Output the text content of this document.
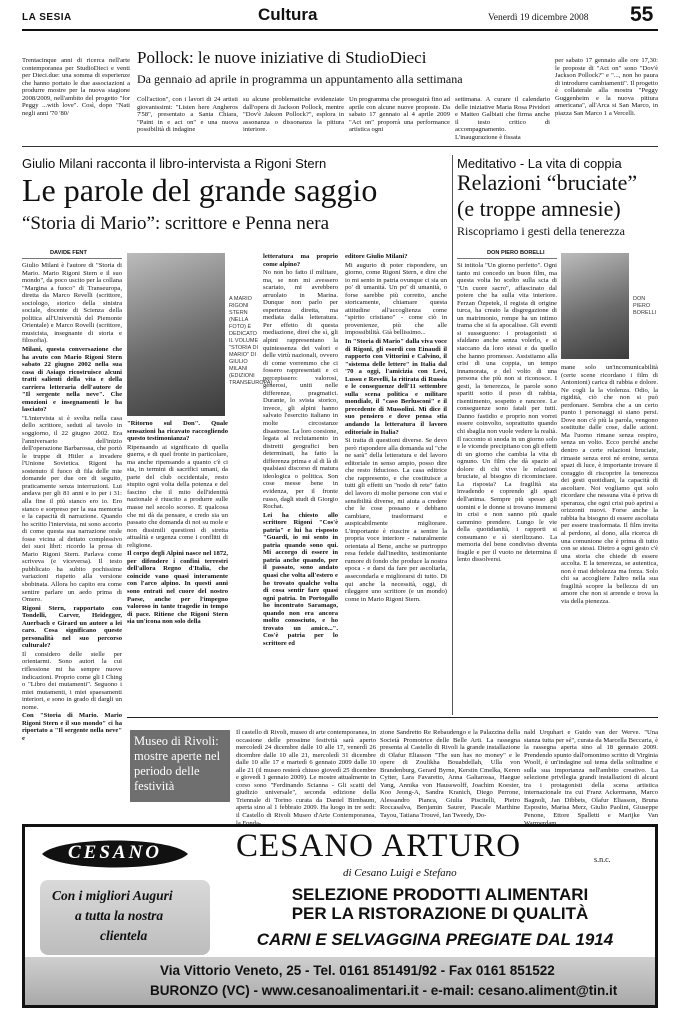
LA SESIA	Cultura	Venerdì 19 dicembre 2008 55
Pollock: le nuove iniziative di StudioDieci
Da gennaio ad aprile in programma un appuntamento alla settimana

Trentacinque anni di ricerca nell'arte contemporanea per StudioDieci e venti per Dieci.due: una somma di esperienze che hanno portato le due associazioni a produrre mostre per la nuova stagione 2008/2009, nell'ambito del progetto "for Peggy ...with love". Così, dopo "Nati negli anni '70 '80/

Coll'action", con i lavori di 24 artisti giovanissimi: "Listen here Angheros 7'58", presentato a Santa Chiara, "Paint in e act on" e una nuova possibilità di indagine

su alcune problematiche evidenziate dall'opera di Jackson Pollock, mentre "Dov'è Jakson Pollock?", esplora in assonanza o dissonanza la pittura interiore.

Un programma che proseguirà fino ad aprile con alcune nuove proposte. Da sabato 17 gennaio al 4 aprile 2009 "Act on" proporrà una performance artistica ogni

settimana. A curare il calendario delle iniziative Maria Rosa Pividori e Matteo Galbiati che firma anche il testo critico di accompagnamento. L'inaugurazione è fissata

per sabato 17 gennaio alle ore 17,30: le proposte di "Act on" sono "Dov'è Jackson Pollock?" e "..., non ho paura di introdurre cambiamenti". Il progetto è collaterale alla mostra "Peggy Guggenheim e la nuova pittura americana", all'Arca si San Marco, in piazza San Marco 1 a Vercelli.

Giulio Milani racconta il libro-intervista a Rigoni Stern
Le parole del grande saggio
“Storia di Mario”: scrittore e Penna nera
DAVIDE FENT

Giulio Milani è l'autore di "Storia di Mario. Mario Rigoni Stern e il suo mondo", da poco uscito per la collana "Margina a fuoco" di Transeuropa, diretta da Marco Revelli (scrittore, sociologo, storico della sinistra sociale, docente di Scienza della politica all'Università del Piemonte Orientale) e Marco Rovelli (scrittore, musicista, insegnante di storia e filosofia).

Milani, questa conversazione che ha avuto con Mario Rigoni Stern sabato 22 giugno 2002 nella sua casa di Asiago ricostruisce alcuni tratti salienti della vita e della carriera letteraria dell'autore de "Il sergente nella neve". Che emozioni e insegnamenti le ha lasciato?

"L'intervista si è svolta nella casa dello scrittore, seduti al tavolo in soggiorno, il 22 giugno 2002. Era l'anniversario dell'inizio dell'operazione Barbarossa, che portò le truppe di Hitler a invadere l'Unione Sovietica. Rigoni ha sostenuto il fuoco di fila delle mie domande per due ore di seguito, praticamente senza interruzioni. Lui andava per gli 81 anni e io per i 31: alla fine il più stanco ero io. Ero stanco e sorpreso per la sua memoria e la capacità di narrazione. Quando ho scritto l'intervista, mi sono accorto di come questa sua narrazione orale fosse vicina al dettato complessivo dei suoi libri: ricordo la prosa di Mario Rigoni Stern. Parlava come scriveva (e viceversa). Il testo pubblicato ha subito pochissime variazioni rispetto alla versione sbobinata. Allora ho capito era come sentire parlare un aedo prima di Omero.

Rigoni Stern, rapportato con Tondelli, Carver, Heidegger, Auerbach e Girard un autore a lei caro. Cosa significano queste personalità nel suo percorso culturale?

Il considero delle stelle per orientarmi. Sono autori la cui riflessione mi ha sempre nuove indicazioni. Proprio come gli I Ching o "Libro dei mutamenti". Seguono i miei mutamenti, i miei spaesamenti interiori, e sono in grado di dargli un nome.

Con "Storia di Mario. Mario Rigoni Stern e il suo mondo" ci ha riportato a "Il sergente nella neve" e

A MARIO RIGONI STERN (NELLA FOTO) È DEDICATO IL VOLUME "STORIA DI MARIO" DI GIULIO MILANI (EDIZIONI TRANSEUROPA)

"Ritorno sul Don". Quale sensazioni ha ricavato raccogliendo questo testimonianza?

Ripensando ai significato di quella guerra, e di quel fronte in particolare, ma anche ripensando a quanto c'è ci sta, in termini di sacrifici umani, da parte del club occidentale, resto stupito ogni volta della potenza e del fascino che il mito dell'identità nazionale è riuscito a produrre sulle masse nel secolo scorso. E qualcosa che mi dà da pensare, e credo sia un passato che domanda di noi su mole e non dissimili questioni di stretta attualità e urgenza come i conflitti di religione.

Il corpo degli Alpini nasce nel 1872, per difendere i confini terrestri dell'allora Regno d'Italia, che coincide vano quasi interamente con l'arco alpino. In questi anni sono entrati nel cuore del nostro Paese, anche per l'impegno valoroso in tante tragedie in tempo di pace. Ritiene che Rigoni Stern sia un'icona non solo della

letteratura ma proprio come alpino?

No non ho fatto il militare, ma, se non mi avessero scartato, mi avrebbero arruolato in Marina. Dunque non parlo per esperienza diretta, ma mediata dalla letteratura. Per effetto di questa mediazione, direi che sì, gli alpini rappresentano la quintessenza dei valori e delle virtù nazionali, ovvero di come vorremmo che ci fossero rappresentati e ci percepissero: valorosi, generosi, uniti nelle differenze, pragmatici. Durante, lo svista storico, invece, gli alpini hanno salvato l'esercito italiano in molte circostanze disastrose. La loro coesione, legata al reclutamento in distretti geografici ben determinati, ha fatto la differenza prima e al di là di qualsiasi discorso di matura ideologica o politica. Son cose messe bene in evidenza, per il fronte russo, dagli studi di Giorgio Rochat.

Lei ha chiesto allo scrittore Rigoni "Cos'è patria" e lui ha risposto "Guardi, io mi sento in patria quando sono qui. Mi accorgo di essere in patria anche quando, per il passato, sono andato quasi che volta all'estero e ho trovato qualche volta di cosa sentir fare quasi ogni patria. In Portogallo ho incontrato Saramago, quando non era ancora molto conosciuto, e ho trovato un amico...". Cos'è patria per lo scrittore ed

editore Giulio Milani?

Mi augurio di poter rispondere, un giorno, come Rigoni Stern, e dire che io mi sento in patria ovunque ci sia un po' di umanità. Un po' di umanità, o forse sarebbe più corretto, anche storicamente, chiamare questa attitudine all'accoglienza come "spirito cristiano" - come ciò in provenienze, più che alle impossibilità. Già bellissimo...

In "Storia di Mario" dalla viva voce di Rigoni, gli esordi con Einaudi il rapporto con Vittorini e Calvino, il "sistema delle lettere" in Italia dal '70 a oggi, l'amicizia con Levi, Lussu e Revelli, la ritirata di Russia e le conseguenze dell'11 settembre sulla scena politica e militare mondiale, il "caso Berlusconi" e il precedente di Mussolini. Mi dice il suo pensiero e dove pensa stia andando la letteratura il lavoro editoriale in Italia?

Si tratta di questioni diverse. Se devo però rispondere alla domanda sul "che ne sarà" della letteratura e del lavoro editoriale in senso ampio, posso dire che resto fiducioso. La casa editrice che rappresento, e che costituisce a tutti gli effetti un "nodo di rete" fatto del lavoro di molte persone con visi e sensibilità diverse, mi aiuta a credere che le cose possano e debbano cambiare, trasformarsi e auspicabilmente migliorare. L'importante è riuscire a sentire la propria voce interiore - naturalmente orientata al Bene, anche se purtroppo resa fedele dall'inedito, testimoniante rumore di fondo che produce la nostra epoca - e darsi da fare per ascoltarla, assecondarla e migliorarsi di tutto. Di qui anche la necessità, oggi, di rileggere uno scrittore (e un mondo) come in Mario Rigoni Stern.

Meditativo - La vita di coppia
Relazioni “bruciate”
(e troppe amnesie)
Riscopriamo i gesti della tenerezza
DON PIERO BORELLI

Si intitola "Un giorno perfetto". Ogni tanto mi concedo un buon film, ma questa volta ho scelto sulla scia di "Un cuore sacro", affascinato dal potere che ha sulla vita interiore. Ferzan Özpetek, il regista di origine turca, ha creato la disgregazione di un matrimonio, rompe ha un intimo trama che si fa apocalisse. Gli eventi si susseguono: i protagonisti si sfaldano anche senza volerlo, e si staccano da loro stessi e da quello che hanno promesso. Assistiamo alla crisi di una coppia, un tempo innamorata, e del volto di una persona che più non si riconosce. I gesti, la tenerezza, le parole sono spariti sotto il peso di rabbia, risentimento, sospetto e rancore. Le conseguenze sono fatali per tutti. Danno fastidio e proprio non vorrei essere coinvolto, soprattutto quando chi sbaglia non vuole vedere la realtà. Il racconto si snoda in un giorno solo e le vicende precipitano con gli effetti di un giorno che cambia la vita di ognuno. Un film che dà spazio al dolore di chi vive le relazioni bruciate, al bisogno di ricominciare. La risposta? La fragilità sta invadendo e coprendo gli spazi dell'anima. Sempre più spesso gli uomini e le donne si trovano immersi in crisi e non sanno più quale cammino prendere. Lungo le vie della quotidianità, i rapporti si consumano e sì sterilizzano. La memoria del bene condiviso diventa fragile e per il vuoto ne determina il lento dissolversi.

DON PIERO BORELLI

mane solo un'incomunicabilità (certe scene ricordano i film di Antonioni) carica di rabbia e dolore. Ne cogli la la violenza. Odio, la rigidità, ciò che non si può perdonare. Sembra che a un certo punto i personaggi si siano persi. Dove non c'è più la parola, vengono sostituite dalle cose, dalle azioni. Ma l'uomo rimane senza respiro, senza un volto. Ecco perché anche dentro a certe relazioni bruciate, rimaste senza eroi né eroine, senza spazi di luce, è importante trovare il coraggio di riscoprire la tenerezza dei gesti quotidiani, la capacità di ascoltare. Noi vogliamo qui solo ricordare che nessuna vita è priva di speranza, che ogni crisi può aprirsi a orizzonti nuovi. Forse anche la rabbia ha bisogno di essere ascoltata per essere trasformata. Il film invita al perdono, al dono, alla ricerca di una comunione che è prima di tutto con se stessi. Dietro a ogni gesto c'è una storia che chiede di essere accolta. E la tenerezza, se autentica, non è mai debolezza ma forza. Solo chi sa accogliere l'altro nella sua fragilità scopre la bellezza di un amore che non si arrende e trova la via della pienezza.

Museo di Rivoli: mostre aperte nel periodo delle festività

Il castello di Rivoli, museo di arte contemporanea, in occasione delle prossime festività sarà aperto mercoledì 24 dicembre dalle 10 alle 17, venerdì 26 dicembre dalle 10 alle 21, mercoledì 31 dicembre dalle 10 alle 17 e martedì 6 gennaio 2009 dalle 10 alle 21 (il museo resterà chiuso giovedì 25 dicembre e giovedì 1 gennaio 2009). Le mostre attualmente in corso sono "Ferdinando Scianna - Gli scatti del giudizio universale", seconda edizione della Triennale di Torino curata da Daniel Birnbaum, aperta sino al 1 febbraio 2009. Ha luogo in tre sedi: il Castello di Rivoli Museo d'Arte Contemporanea,

zione Sandretto Re Rebaudengo e la Palazzina della Società Promotrice delle Belle Arti. La rassegna presenta al Castello di Rivoli la grande installazione di Olafur Eliasson "The sun has no money" e le opere di Zoulikha Bouabdellah, Ulla von Brandenburg, Gerard Byrne, Kerstin Cmelka, Keren Cytter, Lara Favaretto, Anna Galtarossa, Haegue Yang, Annika von Hausswolff, Joachim Koester, Koo Jeong-A, Sandra Kranich, Diego Perrone, Alessandro Pianca, Giulia Piscitelli, Pietro Roccasalva, Benjamin Saurer, Pascale Marthine Tayou, Tatiana Trouvé, Ian Tweedy, Do-

nald Urquhart e Guido van der Werve. "Una stanza tutta per sé", curata da Marcella Beccaria, è la rassegna aperta sino al 18 gennaio 2009. Prendendo spunto dall'omonimo scritto di Virginia Woolf, è un'indagine sul tema della solitudine e sulla sua importanza nell'ambito creativo. La selezione privilegia grandi installazioni di alcuni tra i protagonisti della scena artistica internazionale tra cui Franz Ackermann, Marco Bagnoli, Jan Dibbets, Olafur Eliasson, Bruna Esposito, Marisa Merz, Giulio Paolini, Giuseppe Penone, Ettore Spalletti e Marijke Van

CESANO	CESANO ARTURO	s.n.c.
di Cesano Luigi e Stefano
Con i migliori Auguri
a tutta la nostra
clientela
SELEZIONE PRODOTTI ALIMENTARI
PER LA RISTORAZIONE DI QUALITÀ
CARNI E SELVAGGINA PREGIATE DAL 1914
Via Vittorio Veneto, 25 - Tel. 0161 851491/92 - Fax 0161 851522
BURONZO (VC) - www.cesanoalimentari.it - e-mail: cesano.aliment@tin.it
